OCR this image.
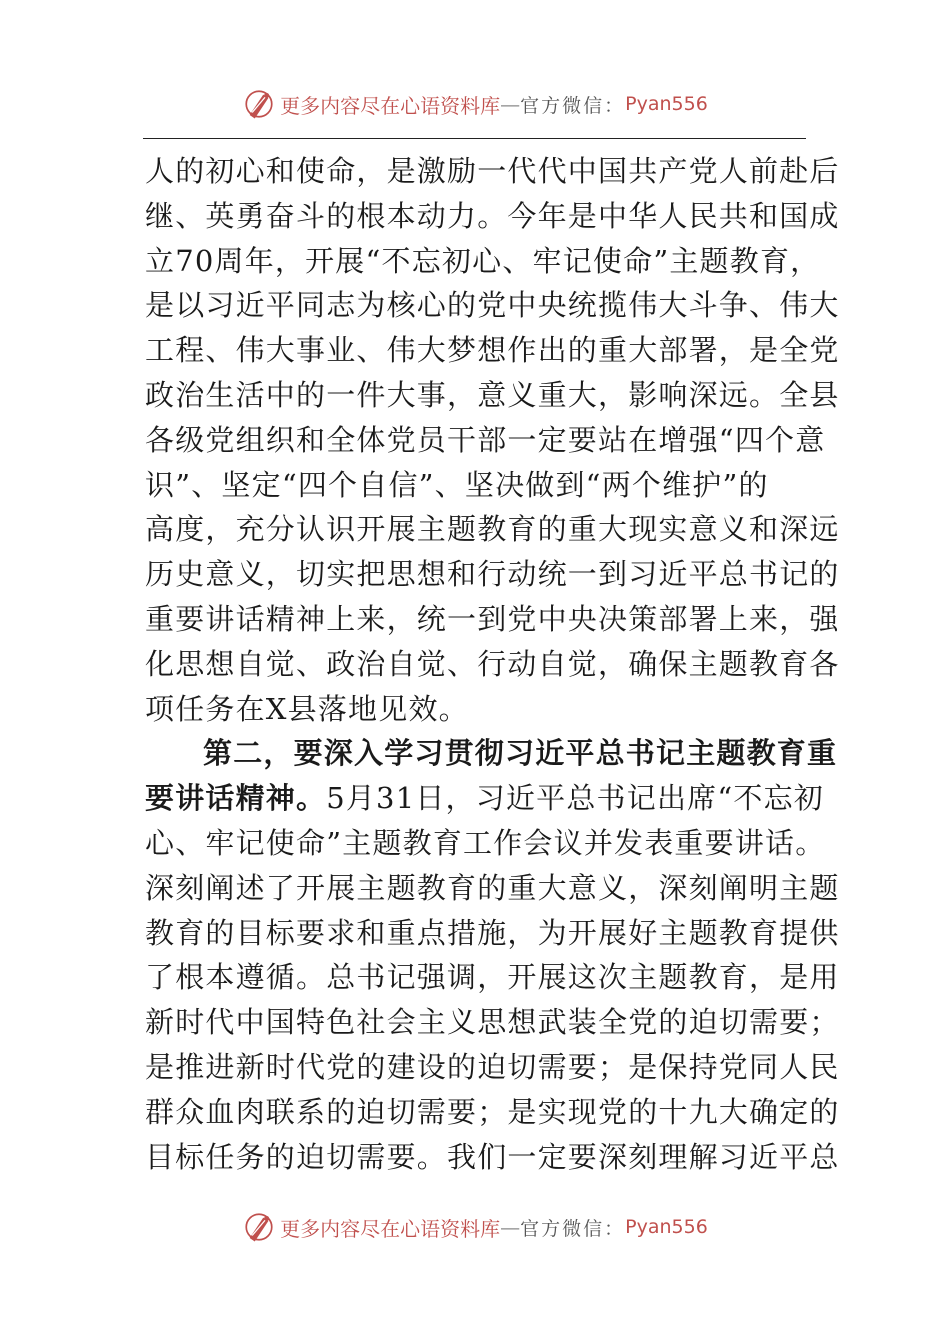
更多内容尽在心语资料库 — 官方微信： Pyan556
人的初心和使命，是激励一代代中国共产党人前赴后
继、英勇奋斗的根本动力。今年是中华人民共和国成
立70周年，开展“不忘初心、牢记使命”主题教育，
是以习近平同志为核心的党中央统揽伟大斗争、伟大
工程、伟大事业、伟大梦想作出的重大部署，是全党
政治生活中的一件大事，意义重大，影响深远。全县
各级党组织和全体党员干部一定要站在增强“四个意
识”、坚定“四个自信”、坚决做到“两个维护”的
高度，充分认识开展主题教育的重大现实意义和深远
历史意义，切实把思想和行动统一到习近平总书记的
重要讲话精神上来，统一到党中央决策部署上来，强
化思想自觉、政治自觉、行动自觉，确保主题教育各
项任务在X县落地见效。
第二，要深入学习贯彻习近平总书记主题教育重
要讲话精神。5月31日，习近平总书记出席“不忘初
心、牢记使命”主题教育工作会议并发表重要讲话。
深刻阐述了开展主题教育的重大意义，深刻阐明主题
教育的目标要求和重点措施，为开展好主题教育提供
了根本遵循。总书记强调，开展这次主题教育，是用
新时代中国特色社会主义思想武装全党的迫切需要；
是推进新时代党的建设的迫切需要；是保持党同人民
群众血肉联系的迫切需要；是实现党的十九大确定的
目标任务的迫切需要。我们一定要深刻理解习近平总
更多内容尽在心语资料库 — 官方微信： Pyan556
